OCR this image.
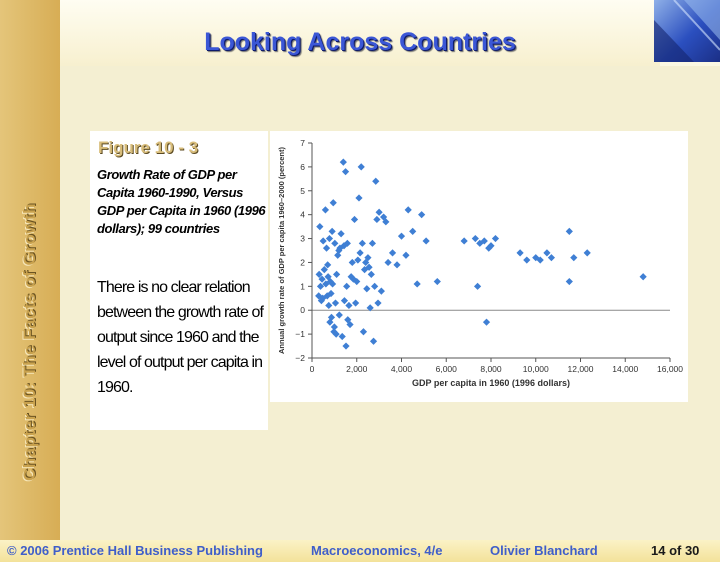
Chapter 10: The Facts of Growth
Looking Across Countries
Figure 10 - 3
Growth Rate of GDP per Capita 1960-1990, Versus GDP per Capita in 1960 (1996 dollars); 99 countries
There is no clear relation between the growth rate of output since 1960 and the level of output per capita in 1960.
0	2,000	4,000	6,000	8,000 10,000 12,000 14,000 16,000
−2
−1
0
1
2
3
4
5
6
7
GDP per capita in 1960 (1996 dollars)
Annual growth rate of GDP per capita 1960–2000 (percent)
© 2006 Prentice Hall Business Publishing	Macroeconomics, 4/e	Olivier Blanchard	14 of 30
